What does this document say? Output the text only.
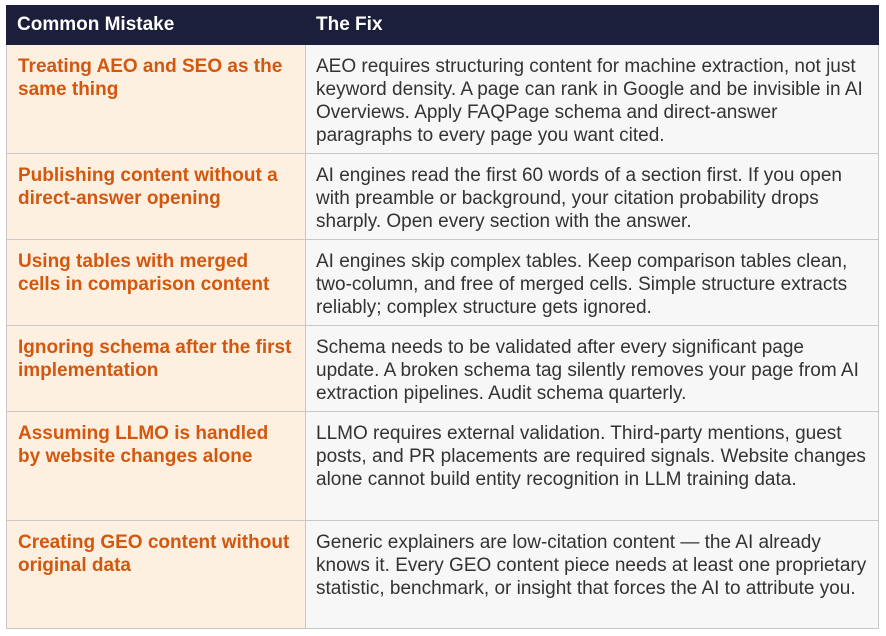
Common Mistake	The Fix
Treating AEO and SEO as the same thing	AEO requires structuring content for machine extraction, not just keyword density. A page can rank in Google and be invisible in AI Overviews. Apply FAQPage schema and direct-answer paragraphs to every page you want cited.
Publishing content without a direct-answer opening	AI engines read the first 60 words of a section first. If you open with preamble or background, your citation probability drops sharply. Open every section with the answer.
Using tables with merged cells in comparison content	AI engines skip complex tables. Keep comparison tables clean, two-column, and free of merged cells. Simple structure extracts reliably; complex structure gets ignored.
Ignoring schema after the first implementation	Schema needs to be validated after every significant page update. A broken schema tag silently removes your page from AI extraction pipelines. Audit schema quarterly.
Assuming LLMO is handled by website changes alone	LLMO requires external validation. Third-party mentions, guest posts, and PR placements are required signals. Website changes alone cannot build entity recognition in LLM training data.
Creating GEO content without original data	Generic explainers are low-citation content — the AI already knows it. Every GEO content piece needs at least one proprietary statistic, benchmark, or insight that forces the AI to attribute you.
